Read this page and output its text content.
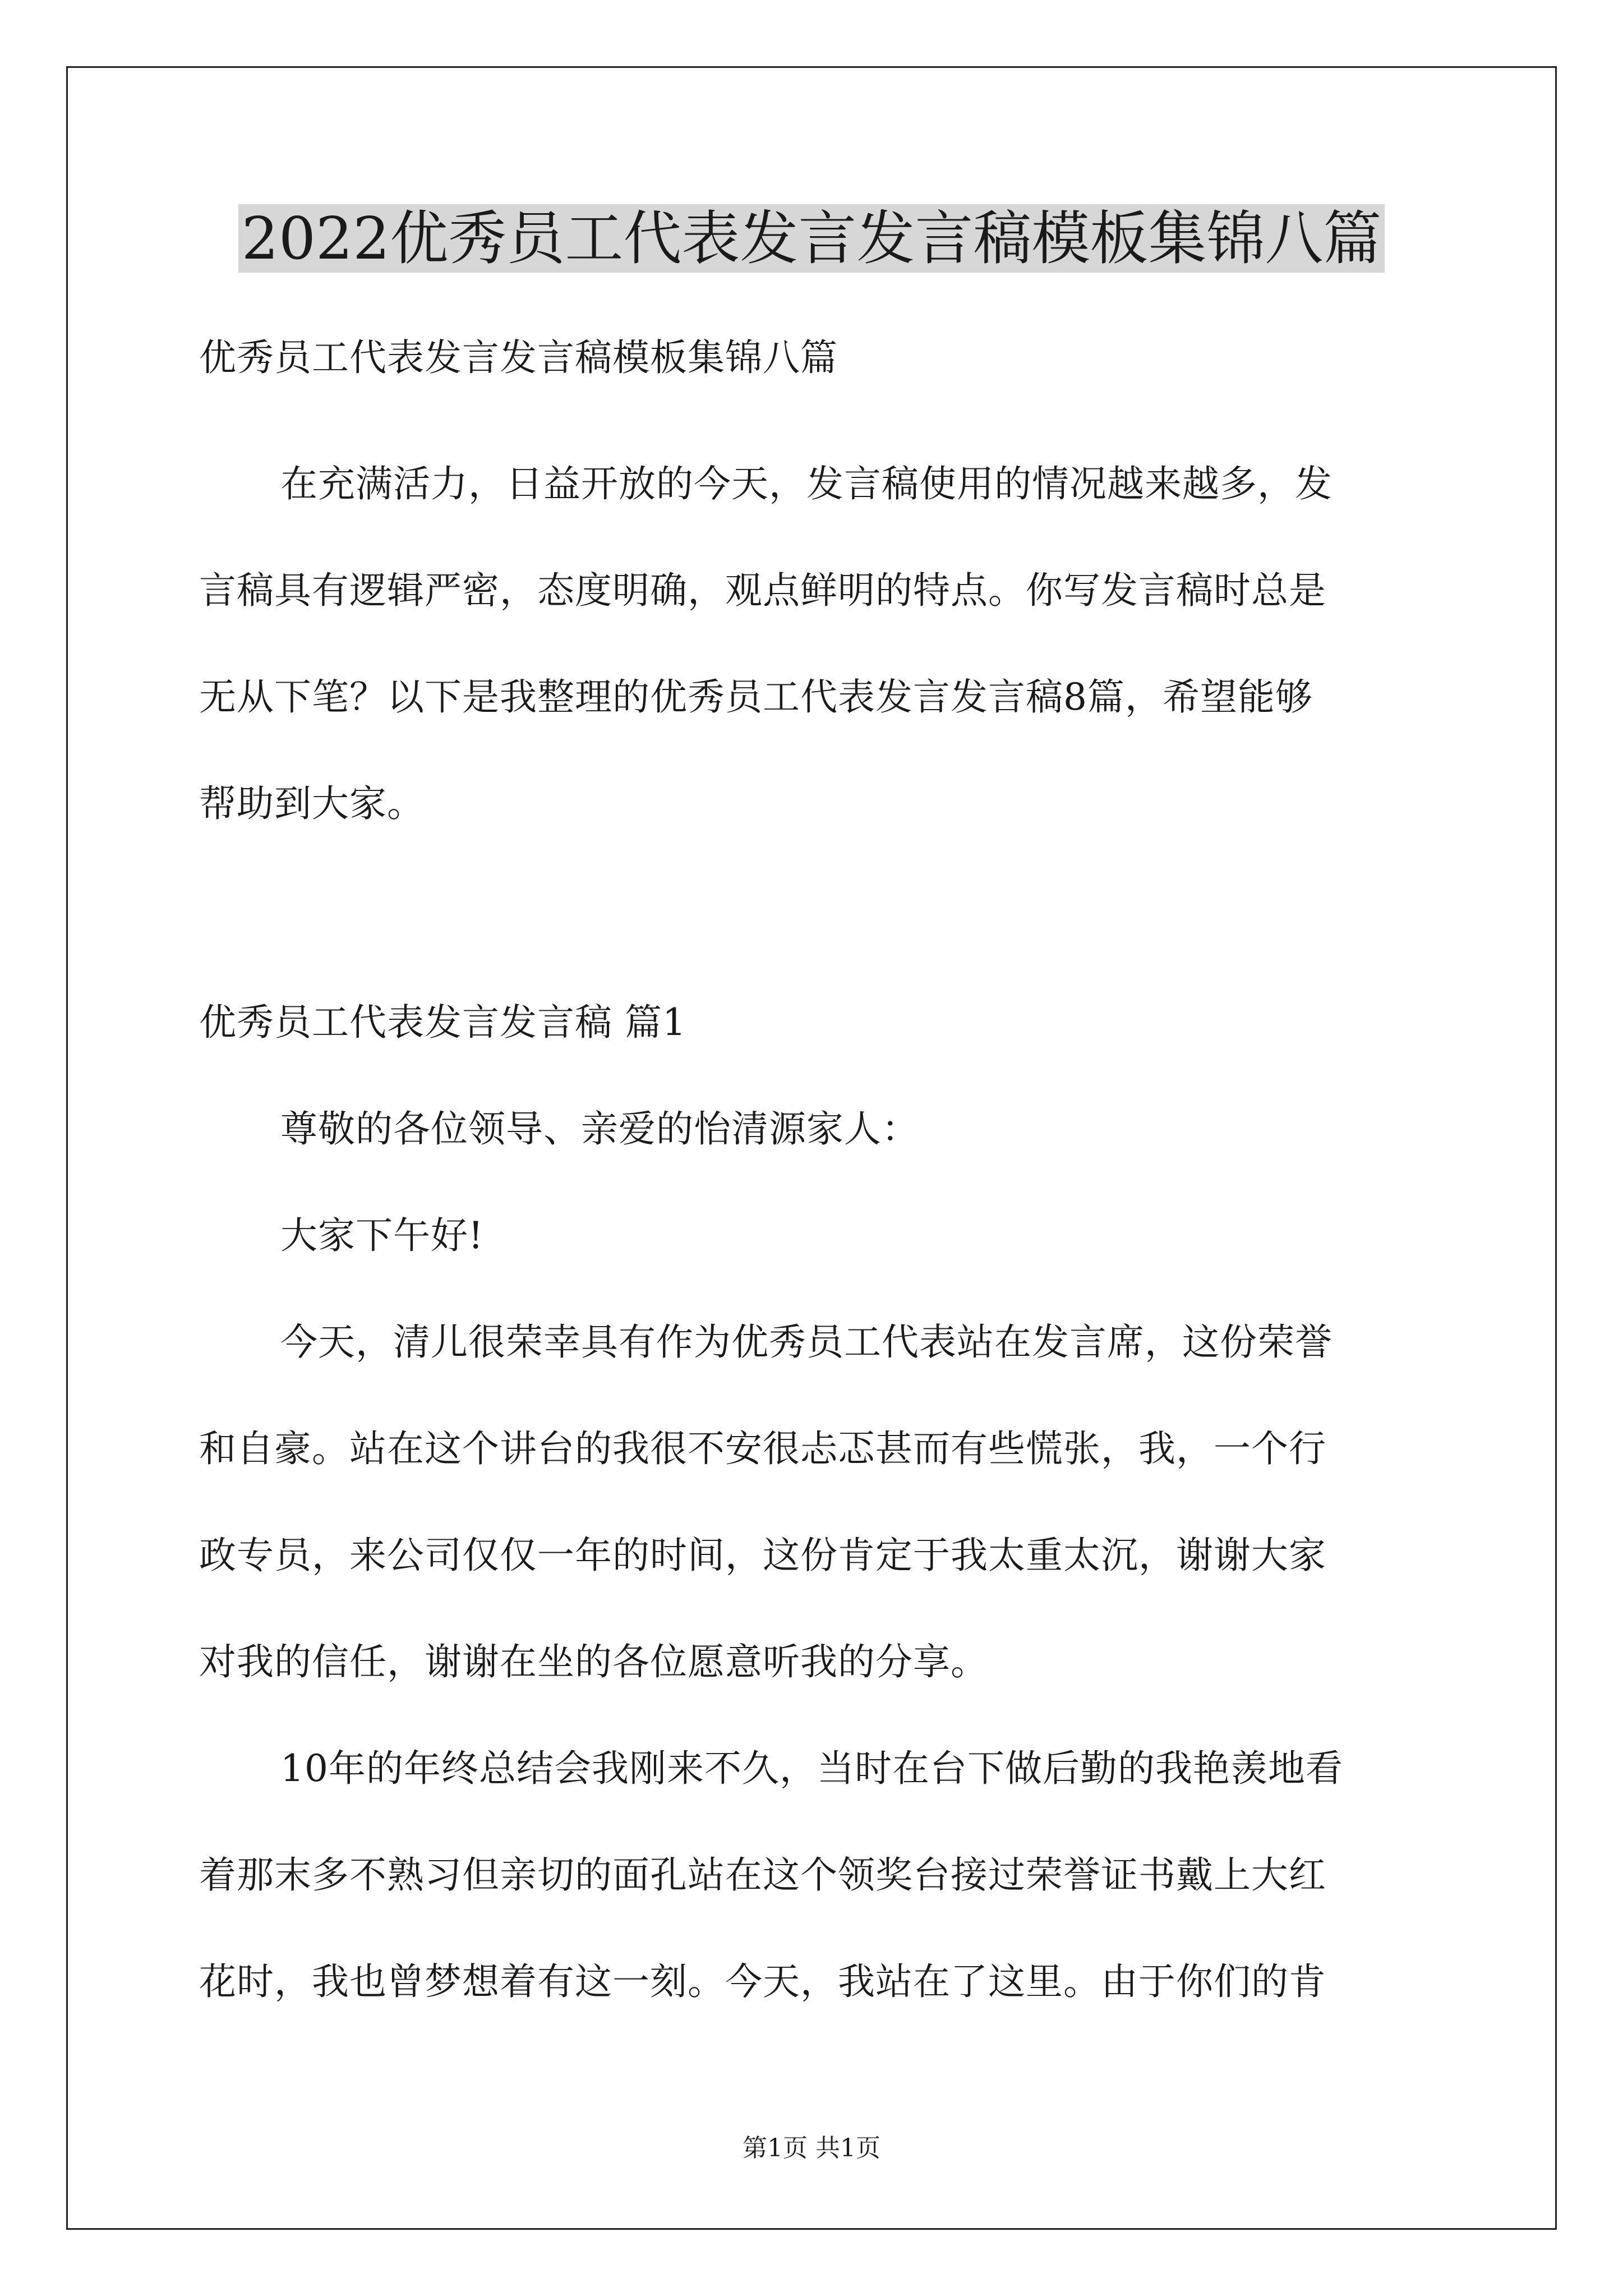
2022优秀员工代表发言发言稿模板集锦八篇
优秀员工代表发言发言稿模板集锦八篇
在充满活力，日益开放的今天，发言稿使用的情况越来越多，发
言稿具有逻辑严密，态度明确，观点鲜明的特点。你写发言稿时总是
无从下笔？以下是我整理的优秀员工代表发言发言稿8篇，希望能够
帮助到大家。
优秀员工代表发言发言稿 篇1
尊敬的各位领导、亲爱的怡清源家人：
大家下午好!
今天，清儿很荣幸具有作为优秀员工代表站在发言席，这份荣誉
和自豪。站在这个讲台的我很不安很忐忑甚而有些慌张，我，一个行
政专员，来公司仅仅一年的时间，这份肯定于我太重太沉，谢谢大家
对我的信任，谢谢在坐的各位愿意听我的分享。
10年的年终总结会我刚来不久，当时在台下做后勤的我艳羡地看
着那末多不熟习但亲切的面孔站在这个领奖台接过荣誉证书戴上大红
花时，我也曾梦想着有这一刻。今天，我站在了这里。由于你们的肯
第1页 共1页
